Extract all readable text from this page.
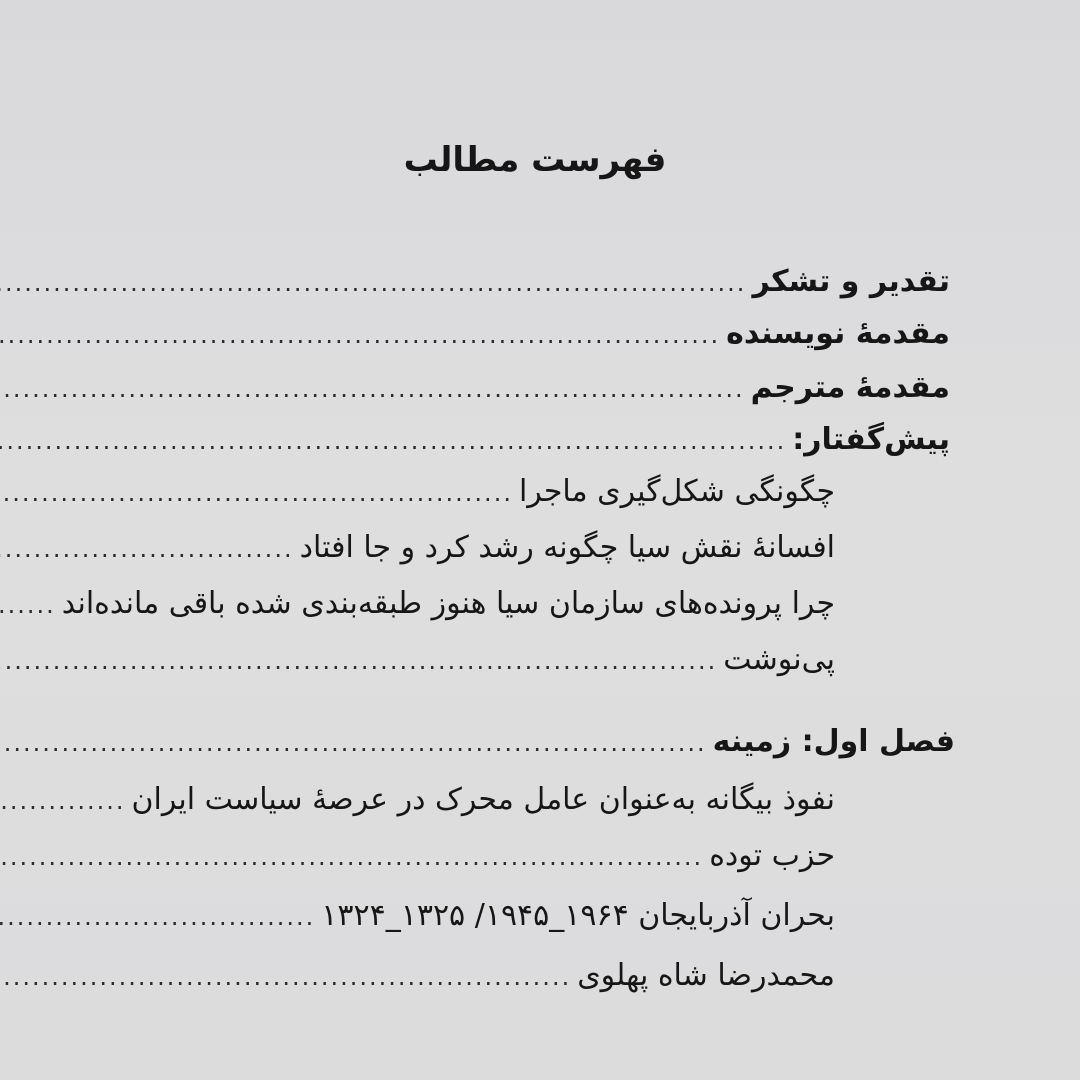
فهرست مطالب
تقدیر و تشکر
.....
مقدمهٔ نویسنده
.....
مقدمهٔ مترجم
.....
پیش‌گفتار:
.....
چگونگی شکل‌گیری ماجرا
.....
افسانهٔ نقش سیا چگونه رشد کرد و جا افتاد
.....
چرا پرونده‌های سازمان سیا هنوز طبقه‌بندی شده باقی مانده‌اند
.....
پی‌نوشت
.....
فصل اول: زمینه
.....
نفوذ بیگانه به‌عنوان عامل محرک در عرصهٔ سیاست ایران
.....
حزب توده
.....
بحران آذربایجان ۱۹۶۴_۱۹۴۵/ ۱۳۲۵_۱۳۲۴
.....
محمدرضا شاه پهلوی
.....
